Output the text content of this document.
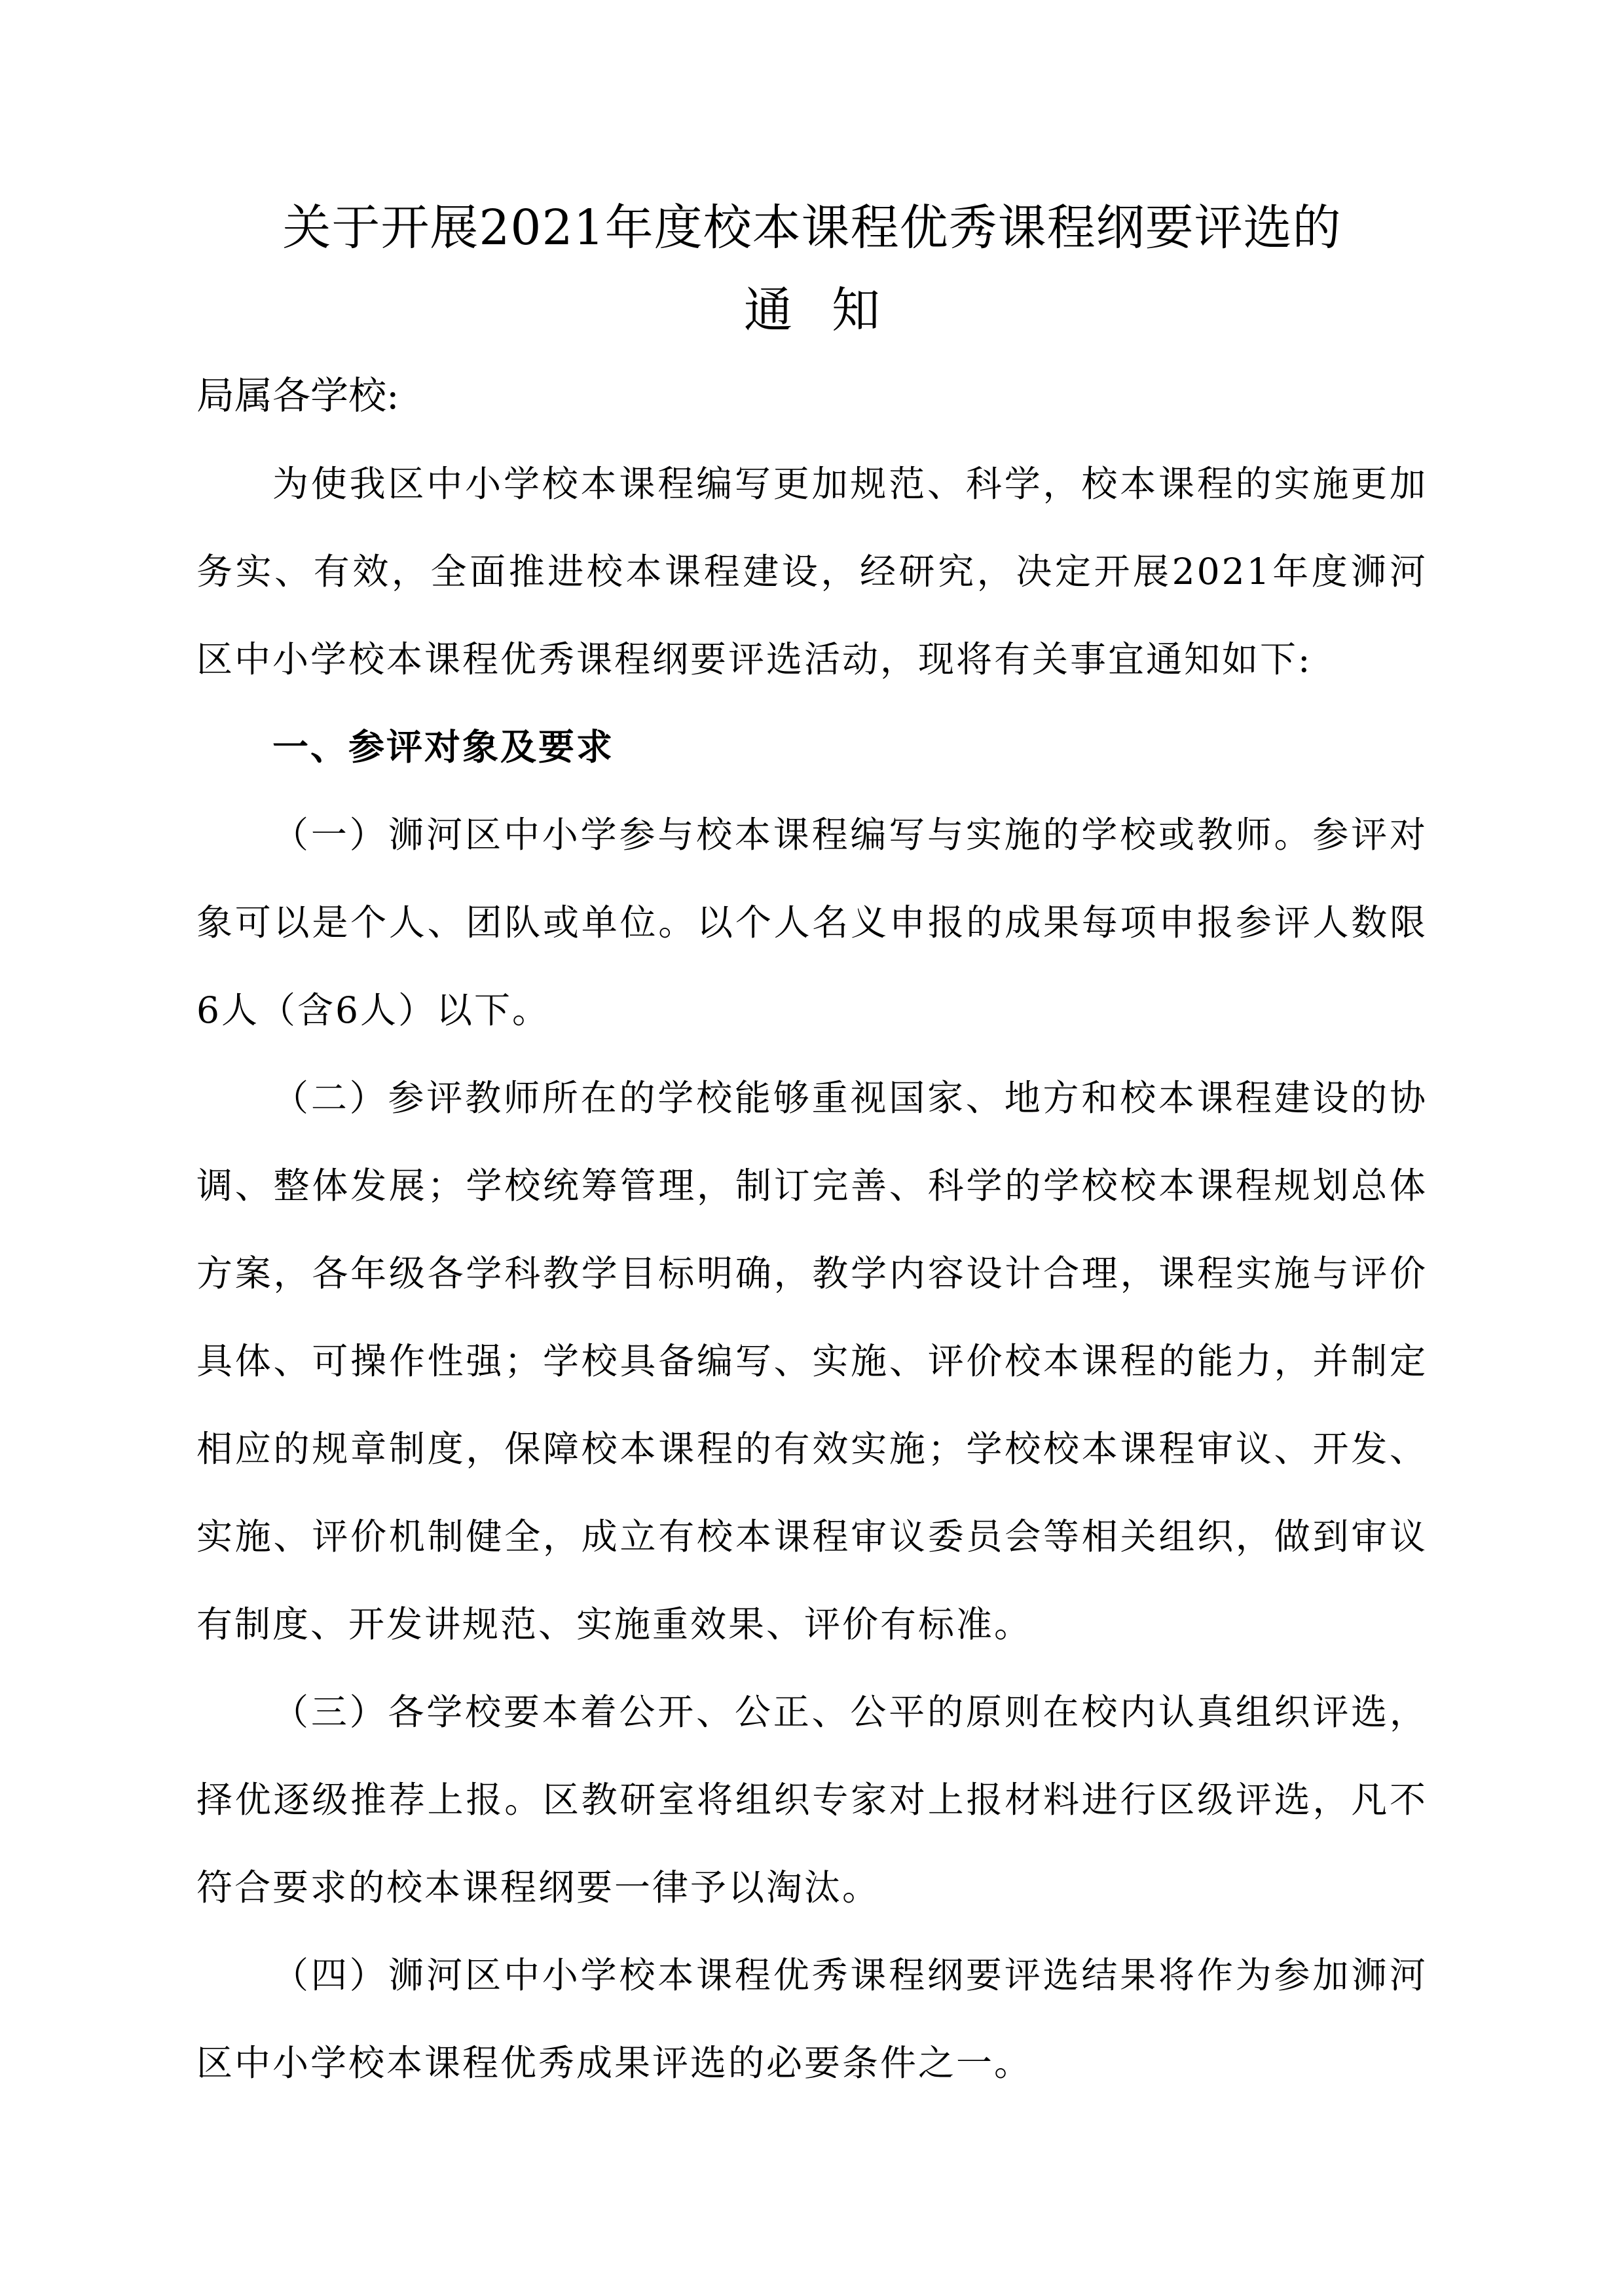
关于开展2021年度校本课程优秀课程纲要评选的
通知

局属各学校:

为使我区中小学校本课程编写更加规范、科学，校本课程的实施更加务实、有效，全面推进校本课程建设，经研究，决定开展2021年度浉河区中小学校本课程优秀课程纲要评选活动，现将有关事宜通知如下:

一、参评对象及要求

（一）浉河区中小学参与校本课程编写与实施的学校或教师。参评对象可以是个人、团队或单位。以个人名义申报的成果每项申报参评人数限6人（含6人）以下。

（二）参评教师所在的学校能够重视国家、地方和校本课程建设的协调、整体发展；学校统筹管理，制订完善、科学的学校校本课程规划总体方案，各年级各学科教学目标明确，教学内容设计合理，课程实施与评价具体、可操作性强；学校具备编写、实施、评价校本课程的能力，并制定相应的规章制度，保障校本课程的有效实施；学校校本课程审议、开发、实施、评价机制健全，成立有校本课程审议委员会等相关组织，做到审议有制度、开发讲规范、实施重效果、评价有标准。

（三）各学校要本着公开、公正、公平的原则在校内认真组织评选，择优逐级推荐上报。区教研室将组织专家对上报材料进行区级评选，凡不符合要求的校本课程纲要一律予以淘汰。

（四）浉河区中小学校本课程优秀课程纲要评选结果将作为参加浉河区中小学校本课程优秀成果评选的必要条件之一。
